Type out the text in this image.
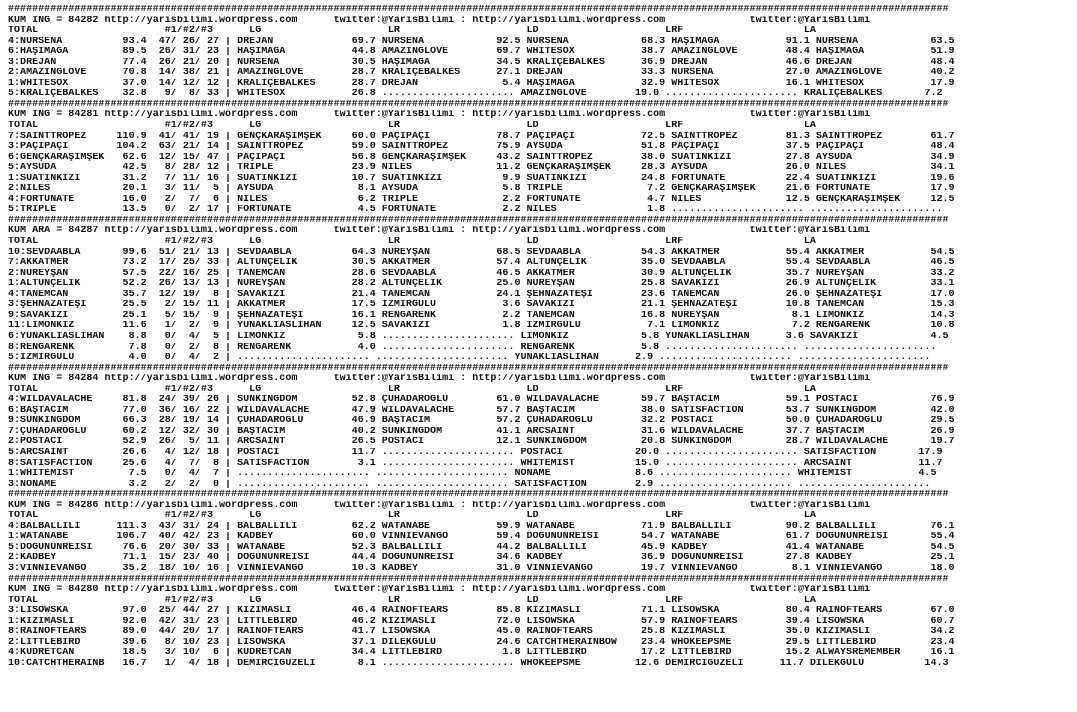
############################################################################################################################################################
KUM ING = 84282 http://yarisbilimi.wordpress.com      twitter:@YarisBilimi : http://yarisbilimi.wordpress.com              twitter:@YarisBilimi
TOTAL                     #1/#2/#3      LG                     LR                     LD                     LRF                    LA
4:NURSENA          93.4  47/ 26/ 27 | DREJAN             69.7 NURSENA            92.5 NURSENA            68.3 HAŞIMAĞA           91.1 NURSENA            63.5
6:HAŞIMAĞA         89.5  26/ 31/ 23 | HAŞIMAĞA           44.8 AMAZINGLOVE        69.7 WHITESOX           38.7 AMAZINGLOVE        48.4 HAŞIMAĞA           51.9
3:DREJAN           77.4  26/ 21/ 20 | NURSENA            30.5 HAŞIMAĞA           34.5 KRALIÇEBALKES      36.9 DREJAN             46.6 DREJAN             48.4
2:AMAZINGLOVE      70.8  14/ 38/ 21 | AMAZINGLOVE        28.7 KRALIÇEBALKES      27.1 DREJAN             33.3 NURSENA            27.0 AMAZINGLOVE        40.2
1:WHITESOX         37.0  14/ 12/ 12 | KRALIÇEBALKES      28.7 DREJAN              5.4 HAŞIMAĞA           32.9 WHITESOX           16.1 WHITESOX           17.9
5:KRALIÇEBALKES    32.8   9/  8/ 33 | WHITESOX           26.8 ...................... AMAZINGLOVE        19.0 ...................... KRALIÇEBALKES       7.2
############################################################################################################################################################
KUM ING = 84281 http://yarisbilimi.wordpress.com      twitter:@YarisBilimi : http://yarisbilimi.wordpress.com              twitter:@YarisBilimi
TOTAL                     #1/#2/#3      LG                     LR                     LD                     LRF                    LA
7:SAINTTROPEZ     110.9  41/ 41/ 19 | GENÇKARAŞIMŞEK     60.0 PAÇIPAÇI           78.7 PAÇIPAÇI           72.5 SAINTTROPEZ        81.3 SAINTTROPEZ        61.7
3:PAÇIPAÇI        104.2  63/ 21/ 14 | SAINTTROPEZ        59.0 SAINTTROPEZ        75.9 AYSUDA             51.8 PAÇIPAÇI           37.5 PAÇIPAÇI           48.4
6:GENÇKARAŞIMŞEK   62.6  12/ 15/ 47 | PAÇIPAÇI           56.8 GENÇKARAŞIMŞEK     43.2 SAINTTROPEZ        38.0 SUATINKIZI         27.8 AYSUDA             34.9
5:AYSUDA           42.5   8/ 28/ 12 | TRIPLE             23.9 NILES              11.2 GENÇKARAŞIMŞEK     28.3 AYSUDA             26.0 NILES              34.1
1:SUATINKIZI       31.2   7/ 11/ 16 | SUATINKIZI         10.7 SUATINKIZI          9.9 SUATINKIZI         24.8 FORTUNATE          22.4 SUATINKIZI         19.6
2:NILES            20.1   3/ 11/  5 | AYSUDA              8.1 AYSUDA              5.8 TRIPLE              7.2 GENÇKARAŞIMŞEK     21.6 FORTUNATE          17.9
4:FORTUNATE        16.0   2/  7/  6 | NILES               6.2 TRIPLE              2.2 FORTUNATE           4.7 NILES              12.5 GENÇKARAŞIMŞEK     12.5
5:TRIPLE           13.5   0/  2/ 17 | FORTUNATE           4.5 FORTUNATE           2.2 NILES               1.8 ...................... ......................
############################################################################################################################################################
KUM ARA = 84287 http://yarisbilimi.wordpress.com      twitter:@YarisBilimi : http://yarisbilimi.wordpress.com              twitter:@YarisBilimi
TOTAL                     #1/#2/#3      LG                     LR                     LD                     LRF                    LA
10:SEVDAABLA       99.6  51/ 21/ 13 | SEVDAABLA          64.3 NUREYŞAN           68.5 SEVDAABLA          54.3 AKKATMER           55.4 AKKATMER           54.5
7:AKKATMER         73.2  17/ 25/ 33 | ALTUNÇELİK         30.5 AKKATMER           57.4 ALTUNÇELİK         35.0 SEVDAABLA          55.4 SEVDAABLA          46.5
2:NUREYŞAN         57.5  22/ 16/ 25 | TANEMCAN           28.6 SEVDAABLA          46.5 AKKATMER           30.9 ALTUNÇELİK         35.7 NUREYŞAN           33.2
1:ALTUNÇELİK       52.2  26/ 13/ 13 | NUREYŞAN           28.2 ALTUNÇELİK         25.0 NUREYŞAN           25.8 SAVAKİZİ           26.9 ALTUNÇELİK         33.1
4:TANEMCAN         35.7  12/ 19/  8 | SAVAKİZİ           21.4 TANEMCAN           24.1 ŞEHNAZATEŞİ        23.6 TANEMCAN           26.0 ŞEHNAZATEŞİ        17.0
3:ŞEHNAZATEŞİ      25.5   2/ 15/ 11 | AKKATMER           17.5 İZMİRGÜLÜ           3.6 SAVAKİZİ           21.1 ŞEHNAZATEŞİ        10.8 TANEMCAN           15.3
9:SAVAKİZİ         25.1   5/ 15/  9 | ŞEHNAZATEŞİ        16.1 RENGARENK           2.2 TANEMCAN           16.8 NUREYŞAN            8.1 LİMONKIZ           14.3
11:LİMONKIZ        11.6   1/  2/  9 | YUNAKLIASLIHAN     12.5 SAVAKİZİ            1.8 İZMİRGÜLÜ           7.1 LİMONKIZ            7.2 RENGARENK          10.8
6:YUNAKLIASLIHAN    8.8   0/  4/  5 | LİMONKIZ            5.8 ...................... LİMONKIZ            5.8 YUNAKLIASLIHAN      3.6 SAVAKİZİ            4.5
8:RENGARENK         7.8   0/  2/  8 | RENGARENK           4.0 ...................... RENGARENK           5.8 ...................... ......................
5:İZMİRGÜLÜ         4.0   0/  4/  2 | ...................... ...................... YUNAKLIASLIHAN      2.9 ...................... ......................
############################################################################################################################################################
KUM ING = 84284 http://yarisbilimi.wordpress.com      twitter:@YarisBilimi : http://yarisbilimi.wordpress.com              twitter:@YarisBilimi
TOTAL                     #1/#2/#3      LG                     LR                     LD                     LRF                    LA
4:WILDAVALACHE     81.8  24/ 39/ 26 | SUNKINGDOM         52.8 ÇUHADAROĞLU        61.0 WILDAVALACHE       59.7 BAŞTACIM           59.1 POSTACI            76.9
6:BAŞTACIM         77.0  36/ 16/ 22 | WILDAVALACHE       47.9 WILDAVALACHE       57.7 BAŞTACIM           38.0 SATISFACTION       53.7 SUNKINGDOM         42.0
9:SUNKINGDOM       66.3  28/ 19/ 14 | ÇUHADAROĞLU        46.9 BAŞTACIM           57.2 ÇUHADAROĞLU        32.2 POSTACI            50.0 ÇUHADAROĞLU        29.5
7:ÇUHADAROĞLU      60.2  12/ 32/ 30 | BAŞTACIM           40.2 SUNKINGDOM         41.1 ARCSAINT           31.6 WILDAVALACHE       37.7 BAŞTACIM           26.9
2:POSTACI          52.9  26/  5/ 11 | ARCSAINT           26.5 POSTACI            12.1 SUNKINGDOM         20.8 SUNKINGDOM         28.7 WILDAVALACHE       19.7
5:ARCSAINT         26.6   4/ 12/ 18 | POSTACI            11.7 ...................... POSTACI            20.0 ...................... SATISFACTION       17.9
8:SATISFACTION     25.6   4/  7/  8 | SATISFACTION        3.1 ...................... WHITEMIST          15.0 ...................... ARCSAINT           11.7
1:WHITEMIST         7.5   0/  4/  7 | ...................... ...................... NONAME              8.6 ...................... WHITEMIST           4.5
3:NONAME            3.2   2/  2/  0 | ...................... ...................... SATISFACTION        2.9 ...................... ......................
############################################################################################################################################################
KUM ING = 84286 http://yarisbilimi.wordpress.com      twitter:@YarisBilimi : http://yarisbilimi.wordpress.com              twitter:@YarisBilimi
TOTAL                     #1/#2/#3      LG                     LR                     LD                     LRF                    LA
4:BALBALLILI      111.3  43/ 31/ 24 | BALBALLILI         62.2 WATANABE           59.9 WATANABE           71.9 BALBALLILI         90.2 BALBALLILI         76.1
1:WATANABE        106.7  40/ 42/ 23 | KADBEY             60.0 VINNIEVANGO        59.4 DOĞUNUNREİSİ       54.7 WATANABE           61.7 DOĞUNUNREİSİ       55.4
5:DOĞUNUNREİSİ     76.6  20/ 30/ 33 | WATANABE           52.3 BALBALLILI         44.2 BALBALLILI         45.9 KADBEY             41.4 WATANABE           54.5
2:KADBEY           71.1  15/ 23/ 40 | DOĞUNUNREİSİ       44.4 DOĞUNUNREİSİ       34.6 KADBEY             36.9 DOĞUNUNREİSİ       27.8 KADBEY             25.1
3:VINNIEVANGO      35.2  18/ 10/ 16 | VINNIEVANGO        10.3 KADBEY             31.0 VINNIEVANGO        19.7 VINNIEVANGO         8.1 VINNIEVANGO        18.0
############################################################################################################################################################
KUM ING = 84280 http://yarisbilimi.wordpress.com      twitter:@YarisBilimi : http://yarisbilimi.wordpress.com              twitter:@YarisBilimi
TOTAL                     #1/#2/#3      LG                     LR                     LD                     LRF                    LA
3:LISOWSKA         97.0  25/ 44/ 27 | KIZIMASLI          46.4 RAINOFTEARS        85.8 KIZIMASLI          71.1 LISOWSKA           80.4 RAINOFTEARS        67.0
1:KIZIMASLI        92.0  42/ 31/ 23 | LITTLEBIRD         46.2 KIZIMASLI          72.0 LISOWSKA           57.9 RAINOFTEARS        39.4 LISOWSKA           60.7
8:RAINOFTEARS      89.0  44/ 20/ 17 | RAINOFTEARS        41.7 LISOWSKA           45.0 RAINOFTEARS        25.8 KIZIMASLI          35.0 KIZIMASLI          34.2
2:LITTLEBIRD       39.6   8/ 10/ 23 | LISOWSKA           37.1 DİLEKGÜLÜ          24.6 CATCHTHERAINBOW    23.4 WHOKEEPSME         29.5 LITTLEBIRD         23.4
4:KUDRETCAN        18.5   3/ 10/  6 | KUDRETCAN          34.4 LITTLEBIRD          1.8 LITTLEBIRD         17.2 LITTLEBIRD         15.2 ALWAYSREMEMBER     16.1
10:CATCHTHERAINB   16.7   1/  4/ 18 | DEMIRCIGÜZELİ       8.1 ...................... WHOKEEPSME         12.6 DEMIRCIGÜZELİ      11.7 DİLEKGÜLÜ          14.3
